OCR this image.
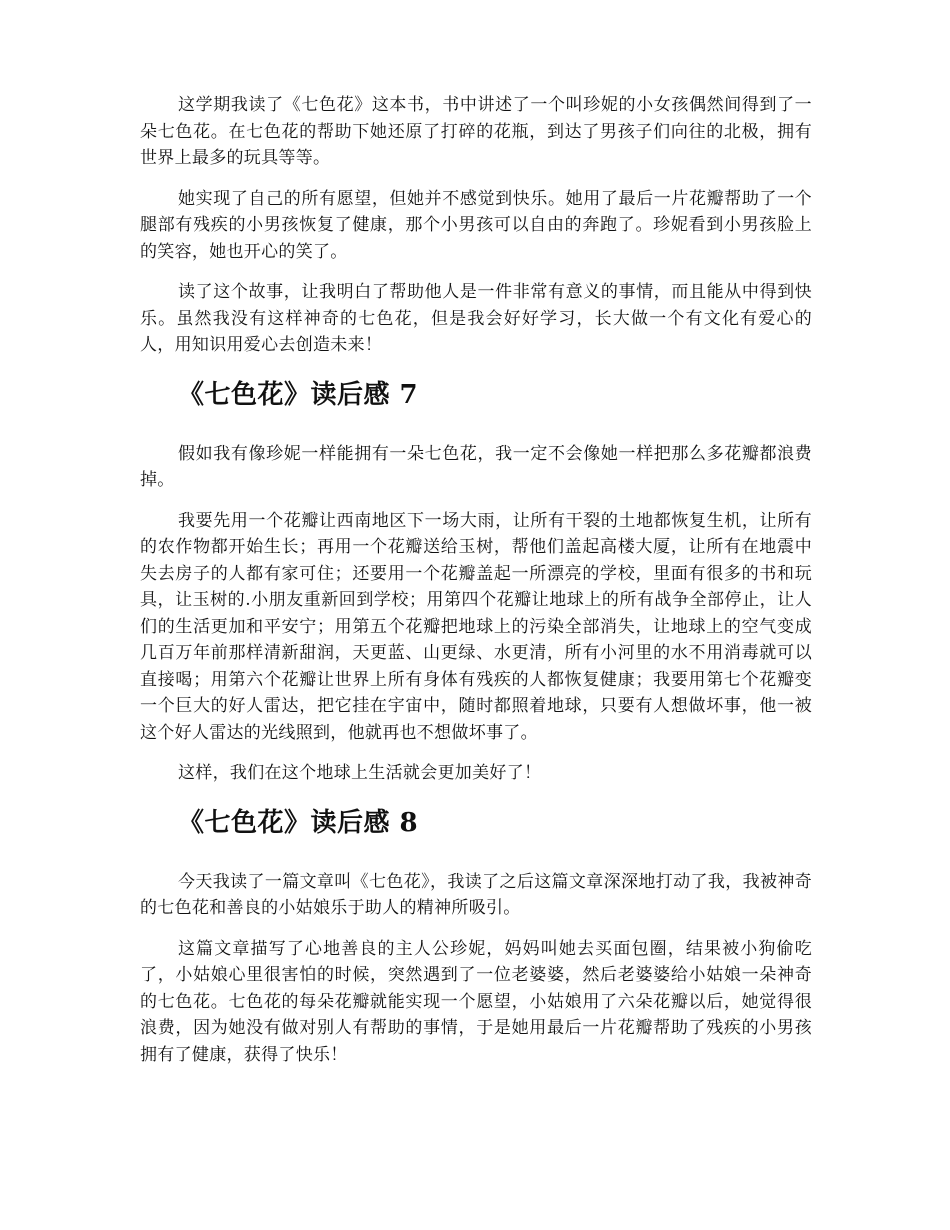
这学期我读了《七色花》这本书，书中讲述了一个叫珍妮的小女孩偶然间得到了一朵七色花。在七色花的帮助下她还原了打碎的花瓶，到达了男孩子们向往的北极，拥有世界上最多的玩具等等。

她实现了自己的所有愿望，但她并不感觉到快乐。她用了最后一片花瓣帮助了一个腿部有残疾的小男孩恢复了健康，那个小男孩可以自由的奔跑了。珍妮看到小男孩脸上的笑容，她也开心的笑了。

读了这个故事，让我明白了帮助他人是一件非常有意义的事情，而且能从中得到快乐。虽然我没有这样神奇的七色花，但是我会好好学习，长大做一个有文化有爱心的人，用知识用爱心去创造未来！

《七色花》读后感 7

假如我有像珍妮一样能拥有一朵七色花，我一定不会像她一样把那么多花瓣都浪费掉。

我要先用一个花瓣让西南地区下一场大雨，让所有干裂的土地都恢复生机，让所有的农作物都开始生长；再用一个花瓣送给玉树，帮他们盖起高楼大厦，让所有在地震中失去房子的人都有家可住；还要用一个花瓣盖起一所漂亮的学校，里面有很多的书和玩具，让玉树的.小朋友重新回到学校；用第四个花瓣让地球上的所有战争全部停止，让人们的生活更加和平安宁；用第五个花瓣把地球上的污染全部消失，让地球上的空气变成几百万年前那样清新甜润，天更蓝、山更绿、水更清，所有小河里的水不用消毒就可以直接喝；用第六个花瓣让世界上所有身体有残疾的人都恢复健康；我要用第七个花瓣变一个巨大的好人雷达，把它挂在宇宙中，随时都照着地球，只要有人想做坏事，他一被这个好人雷达的光线照到，他就再也不想做坏事了。

这样，我们在这个地球上生活就会更加美好了！

《七色花》读后感 8

今天我读了一篇文章叫《七色花》，我读了之后这篇文章深深地打动了我，我被神奇的七色花和善良的小姑娘乐于助人的精神所吸引。

这篇文章描写了心地善良的主人公珍妮，妈妈叫她去买面包圈，结果被小狗偷吃了，小姑娘心里很害怕的时候，突然遇到了一位老婆婆，然后老婆婆给小姑娘一朵神奇的七色花。七色花的每朵花瓣就能实现一个愿望，小姑娘用了六朵花瓣以后，她觉得很浪费，因为她没有做对别人有帮助的事情，于是她用最后一片花瓣帮助了残疾的小男孩拥有了健康，获得了快乐！
